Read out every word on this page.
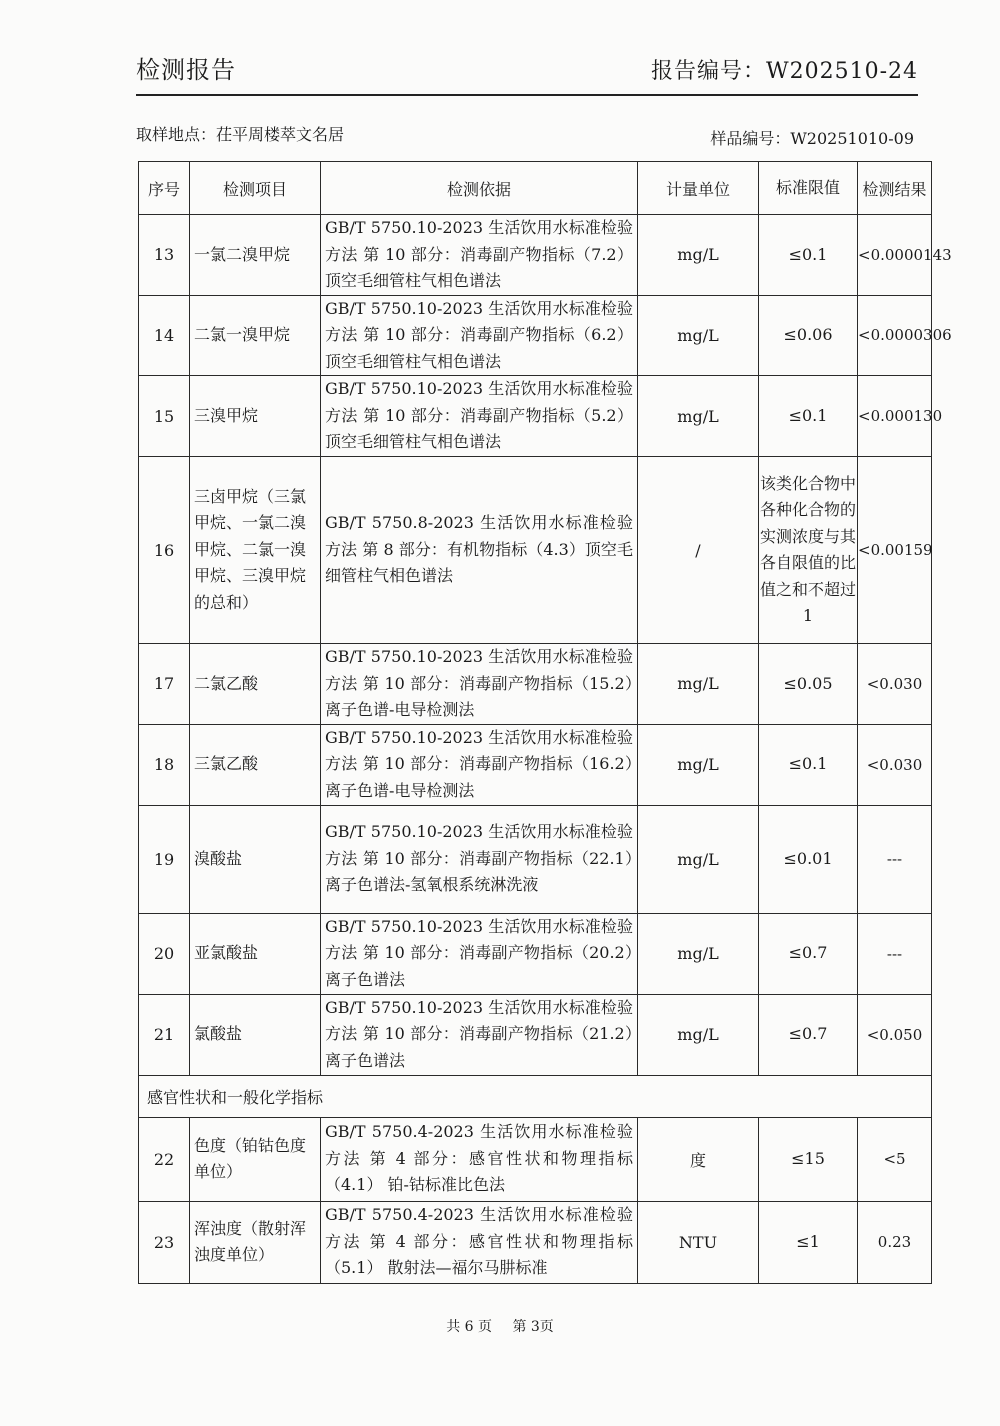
检测报告	报告编号：W202510-24
取样地点：茌平周楼萃文名居	样品编号：W20251010-09
序号	检测项目	检测依据	计量单位	标准限值	检测结果
13	一氯二溴甲烷	GB/T 5750.10-2023 生活饮用水标准检验方法 第 10 部分：消毒副产物指标（7.2）顶空毛细管柱气相色谱法	mg/L	≤0.1	<0.0000143
14	二氯一溴甲烷	GB/T 5750.10-2023 生活饮用水标准检验方法 第 10 部分：消毒副产物指标（6.2）顶空毛细管柱气相色谱法	mg/L	≤0.06	<0.0000306
15	三溴甲烷	GB/T 5750.10-2023 生活饮用水标准检验方法 第 10 部分：消毒副产物指标（5.2）顶空毛细管柱气相色谱法	mg/L	≤0.1	<0.000130
16	三卤甲烷（三氯甲烷、一氯二溴甲烷、二氯一溴甲烷、三溴甲烷的总和）	GB/T 5750.8-2023 生活饮用水标准检验方法 第 8 部分：有机物指标（4.3）顶空毛细管柱气相色谱法	/	该类化合物中各种化合物的实测浓度与其各自限值的比值之和不超过 1	<0.00159
17	二氯乙酸	GB/T 5750.10-2023 生活饮用水标准检验方法 第 10 部分：消毒副产物指标（15.2）离子色谱-电导检测法	mg/L	≤0.05	<0.030
18	三氯乙酸	GB/T 5750.10-2023 生活饮用水标准检验方法 第 10 部分：消毒副产物指标（16.2）离子色谱-电导检测法	mg/L	≤0.1	<0.030
19	溴酸盐	GB/T 5750.10-2023 生活饮用水标准检验方法 第 10 部分：消毒副产物指标（22.1）离子色谱法-氢氧根系统淋洗液	mg/L	≤0.01	---
20	亚氯酸盐	GB/T 5750.10-2023 生活饮用水标准检验方法 第 10 部分：消毒副产物指标（20.2）离子色谱法	mg/L	≤0.7	---
21	氯酸盐	GB/T 5750.10-2023 生活饮用水标准检验方法 第 10 部分：消毒副产物指标（21.2）离子色谱法	mg/L	≤0.7	<0.050
感官性状和一般化学指标					
22	色度（铂钴色度单位）	GB/T 5750.4-2023 生活饮用水标准检验方法 第 4 部分：感官性状和物理指标（4.1） 铂-钴标准比色法	度	≤15	<5
23	浑浊度（散射浑浊度单位）	GB/T 5750.4-2023 生活饮用水标准检验方法 第 4 部分：感官性状和物理指标（5.1） 散射法—福尔马肼标准	NTU	≤1	0.23
共 6 页 第 3页
